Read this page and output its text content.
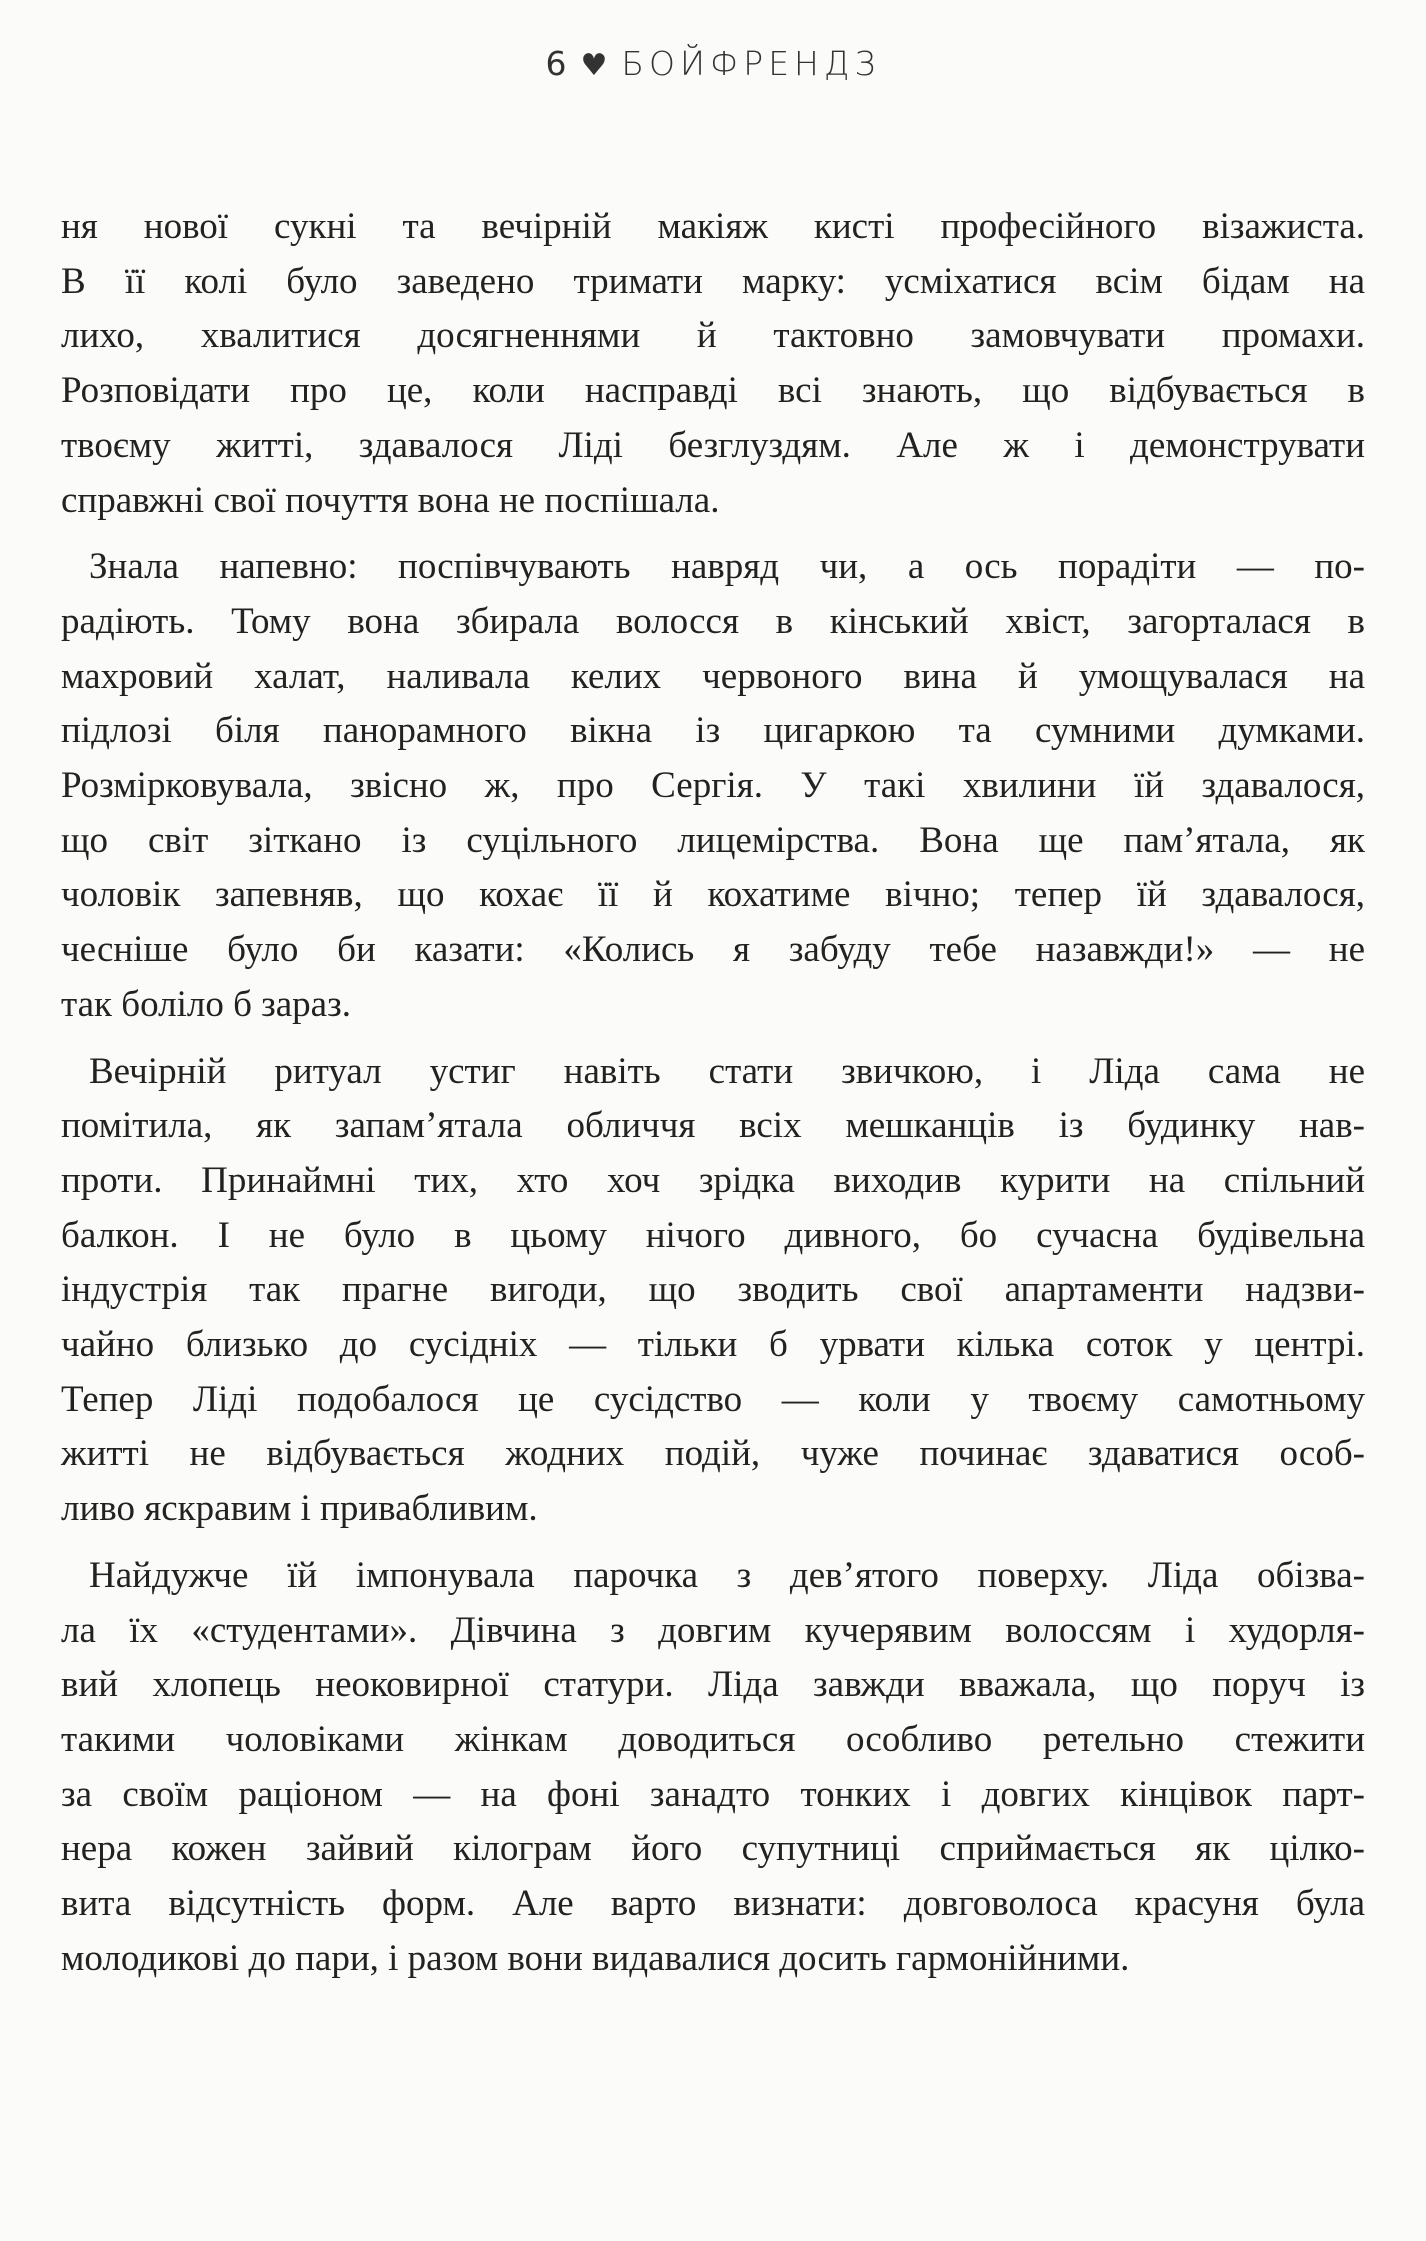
6 ♥ БОЙФРЕНДЗ

ня нової сукні та вечірній макіяж кисті професійного візажиста.
В її колі було заведено тримати марку: усміхатися всім бідам на
лихо, хвалитися досягненнями й тактовно замовчувати промахи.
Розповідати про це, коли насправді всі знають, що відбувається в
твоєму житті, здавалося Ліді безглуздям. Але ж і демонструвати
справжні свої почуття вона не поспішала.

Знала напевно: поспівчувають навряд чи, а ось порадіти — по-
радіють. Тому вона збирала волосся в кінський хвіст, загорталася в
махровий халат, наливала келих червоного вина й умощувалася на
підлозі біля панорамного вікна із цигаркою та сумними думками.
Розмірковувала, звісно ж, про Сергія. У такі хвилини їй здавалося,
що світ зіткано із суцільного лицемірства. Вона ще пам’ятала, як
чоловік запевняв, що кохає її й кохатиме вічно; тепер їй здавалося,
чесніше було би казати: «Колись я забуду тебе назавжди!» — не
так боліло б зараз.

Вечірній ритуал устиг навіть стати звичкою, і Ліда сама не
помітила, як запам’ятала обличчя всіх мешканців із будинку нав-
проти. Принаймні тих, хто хоч зрідка виходив курити на спільний
балкон. І не було в цьому нічого дивного, бо сучасна будівельна
індустрія так прагне вигоди, що зводить свої апартаменти надзви-
чайно близько до сусідніх — тільки б урвати кілька соток у центрі.
Тепер Ліді подобалося це сусідство — коли у твоєму самотньому
житті не відбувається жодних подій, чуже починає здаватися особ-
ливо яскравим і привабливим.

Найдужче їй імпонувала парочка з дев’ятого поверху. Ліда обізва-
ла їх «студентами». Дівчина з довгим кучерявим волоссям і худорля-
вий хлопець неоковирної статури. Ліда завжди вважала, що поруч із
такими чоловіками жінкам доводиться особливо ретельно стежити
за своїм раціоном — на фоні занадто тонких і довгих кінцівок парт-
нера кожен зайвий кілограм його супутниці сприймається як цілко-
вита відсутність форм. Але варто визнати: довговолоса красуня була
молодикові до пари, і разом вони видавалися досить гармонійними.
